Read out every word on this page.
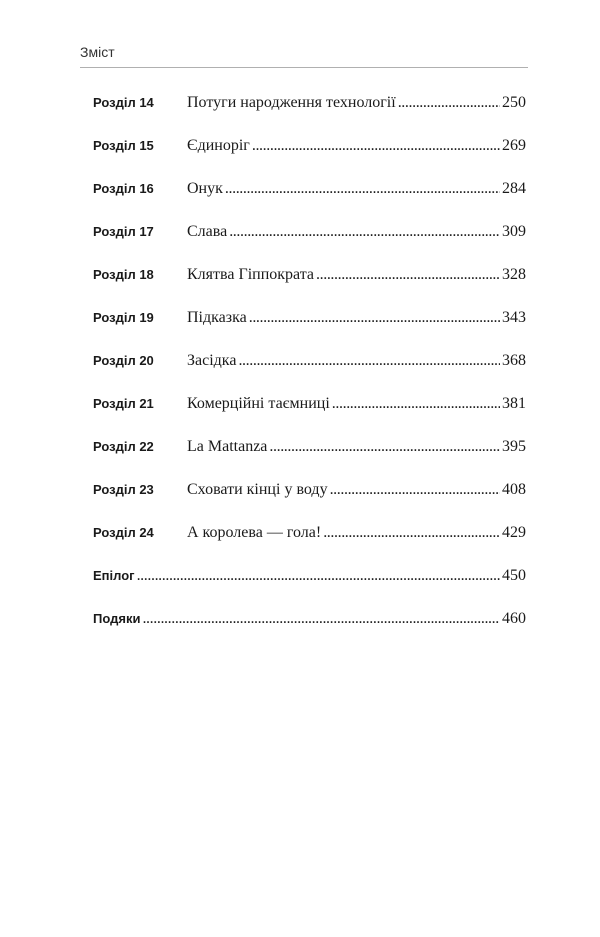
Зміст
Розділ 14	Потуги народження технології . . .	250
Розділ 15	Єдиноріг . . .	269
Розділ 16	Онук . . .	284
Розділ 17	Слава . . .	309
Розділ 18	Клятва Гіппократа . . .	328
Розділ 19	Підказка . . .	343
Розділ 20	Засідка . . .	368
Розділ 21	Комерційні таємниці . . .	381
Розділ 22	La Mattanza . . .	395
Розділ 23	Сховати кінці у воду . . .	408
Розділ 24	А королева — гола! . . .	429
Епілог . . .	450
Подяки . . .	460
